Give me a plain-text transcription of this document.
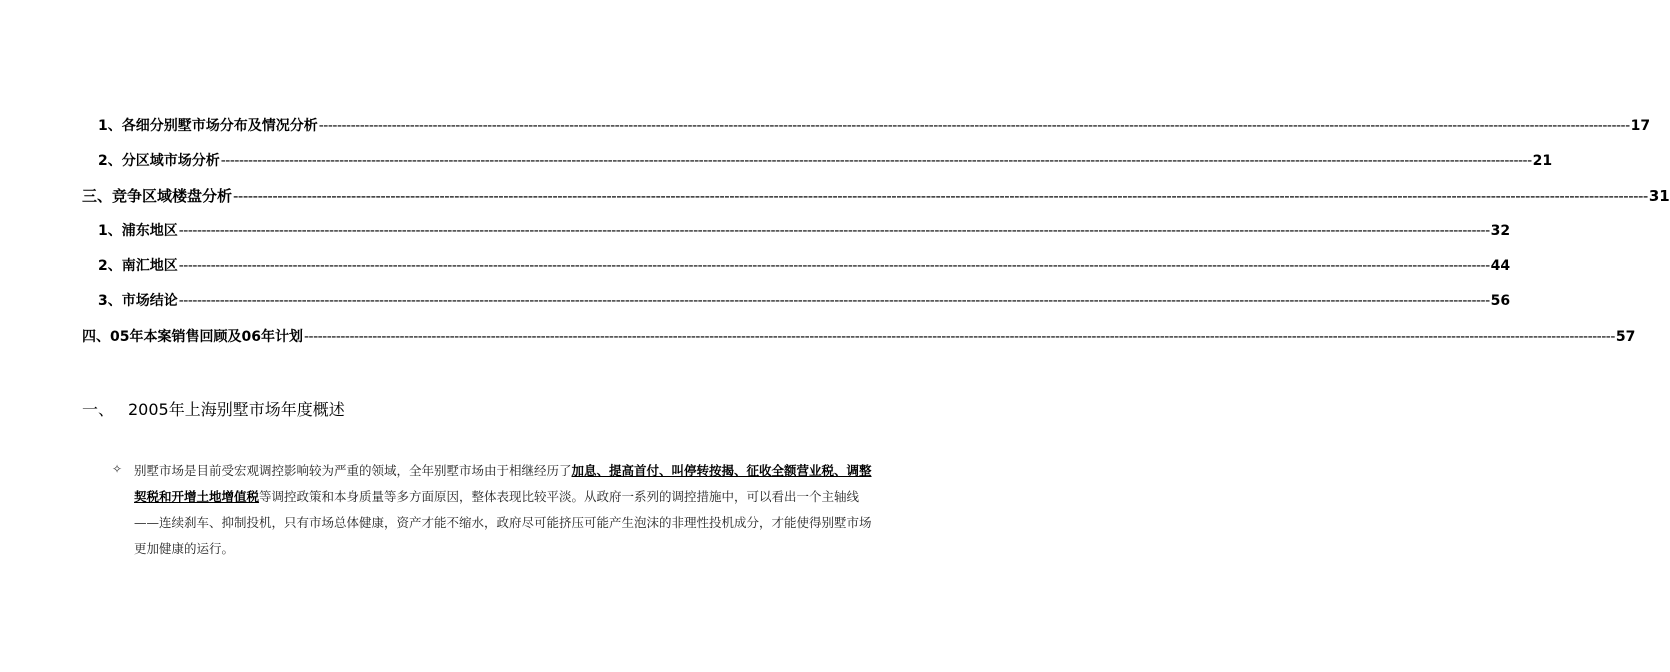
1、各细分别墅市场分布及情况分析 ------------------------------------------------------------------------------------------------------------------------------------------------------------------------------------------------------------------------------------------------------------------------------------------------ 17
2、分区域市场分析 ------------------------------------------------------------------------------------------------------------------------------------------------------------------------------------------------------------------------------------------------------------------------------------------------ 21
三、竞争区域楼盘分析 ------------------------------------------------------------------------------------------------------------------------------------------------------------------------------------------------------------------------------------------------------------------------------------------------ 31
1、浦东地区 ------------------------------------------------------------------------------------------------------------------------------------------------------------------------------------------------------------------------------------------------------------------------------------------------ 32
2、南汇地区 ------------------------------------------------------------------------------------------------------------------------------------------------------------------------------------------------------------------------------------------------------------------------------------------------ 44
3、市场结论 ------------------------------------------------------------------------------------------------------------------------------------------------------------------------------------------------------------------------------------------------------------------------------------------------ 56
四、05年本案销售回顾及06年计划 ------------------------------------------------------------------------------------------------------------------------------------------------------------------------------------------------------------------------------------------------------------------------------------------------ 57
一、 2005年上海别墅市场年度概述
✧ 别墅市场是目前受宏观调控影响较为严重的领域，全年别墅市场由于相继经历了加息、提高首付、叫停转按揭、征收全额营业税、调整契税和开增土地增值税等调控政策和本身质量等多方面原因，整体表现比较平淡。从政府一系列的调控措施中，可以看出一个主轴线——连续刹车、抑制投机，只有市场总体健康，资产才能不缩水，政府尽可能挤压可能产生泡沫的非理性投机成分，才能使得别墅市场更加健康的运行。
